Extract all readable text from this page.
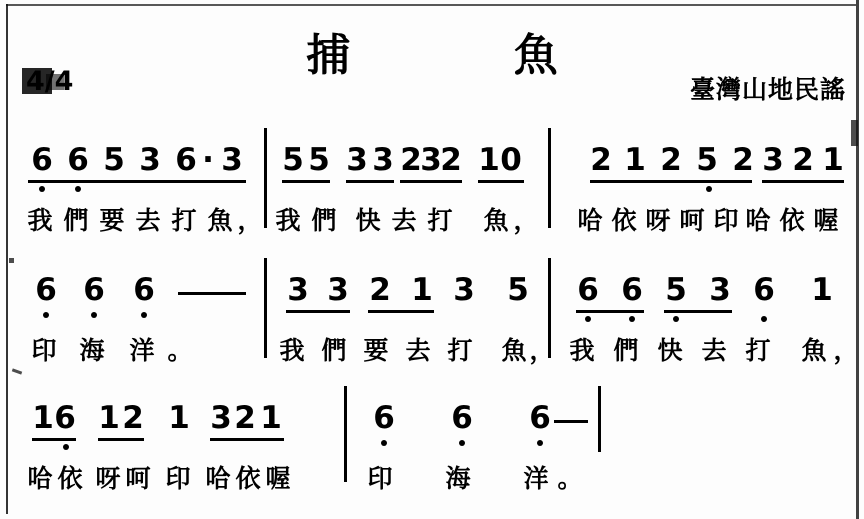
捕 魚
臺灣山地民謠
4/4
6 6 5 3 6 · 3 5 5 3 3 2
3
2 1 0 2 1 2 5 2 3 2 1
我 們 要 去 打 魚 ， 我 們 快 去 打 魚 ， 哈 依 呀 呵 印 哈 依 喔
6 6 6	3 3 2 1 3 5 6 6 5 3 6 1
印 海 洋 。	我 們 要 去 打 魚 ， 我 們 快 去 打 魚 ，
1 6 1 2 1 3 2 1	6 6 6
哈 依 呀 呵 印 哈 依 喔	印 海 洋 。
